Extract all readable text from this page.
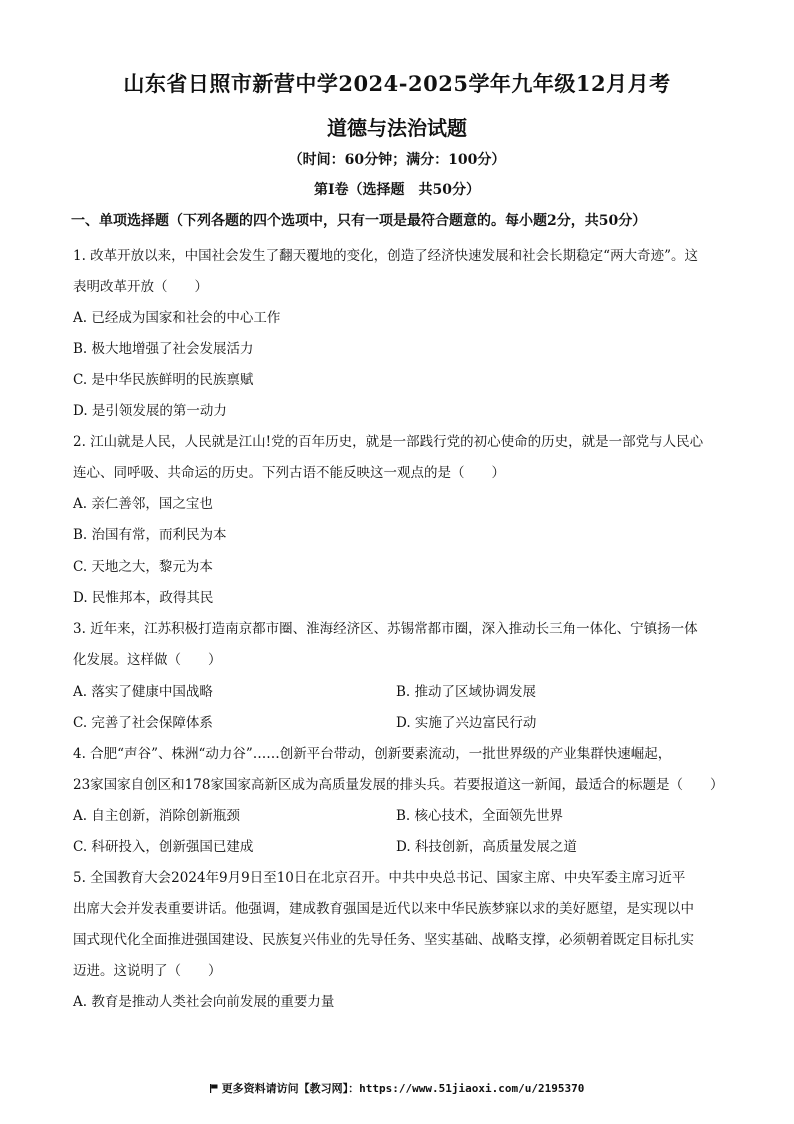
山东省日照市新营中学2024-2025学年九年级12月月考
道德与法治试题
（时间：60分钟；满分：100分）
第Ⅰ卷（选择题　共50分）
一、单项选择题（下列各题的四个选项中，只有一项是最符合题意的。每小题2分，共50分）
1. 改革开放以来，中国社会发生了翻天覆地的变化，创造了经济快速发展和社会长期稳定“两大奇迹”。这
表明改革开放（　　）
A. 已经成为国家和社会的中心工作
B. 极大地增强了社会发展活力
C. 是中华民族鲜明的民族禀赋
D. 是引领发展的第一动力
2. 江山就是人民，人民就是江山!党的百年历史，就是一部践行党的初心使命的历史，就是一部党与人民心
连心、同呼吸、共命运的历史。下列古语不能反映这一观点的是（　　）
A. 亲仁善邻，国之宝也
B. 治国有常，而利民为本
C. 天地之大，黎元为本
D. 民惟邦本，政得其民
3. 近年来，江苏积极打造南京都市圈、淮海经济区、苏锡常都市圈，深入推动长三角一体化、宁镇扬一体
化发展。这样做（　　）
A. 落实了健康中国战略	B. 推动了区域协调发展
C. 完善了社会保障体系	D. 实施了兴边富民行动
4. 合肥“声谷”、株洲“动力谷”……创新平台带动，创新要素流动，一批世界级的产业集群快速崛起，
23家国家自创区和178家国家高新区成为高质量发展的排头兵。若要报道这一新闻，最适合的标题是（　　）
A. 自主创新，消除创新瓶颈	B. 核心技术，全面领先世界
C. 科研投入，创新强国已建成	D. 科技创新，高质量发展之道
5. 全国教育大会2024年9月9日至10日在北京召开。中共中央总书记、国家主席、中央军委主席习近平
出席大会并发表重要讲话。他强调，建成教育强国是近代以来中华民族梦寐以求的美好愿望，是实现以中
国式现代化全面推进强国建设、民族复兴伟业的先导任务、坚实基础、战略支撑，必须朝着既定目标扎实
迈进。这说明了（　　）
A. 教育是推动人类社会向前发展的重要力量
更多资料请访问【教习网】：https://www.51jiaoxi.com/u/2195370
